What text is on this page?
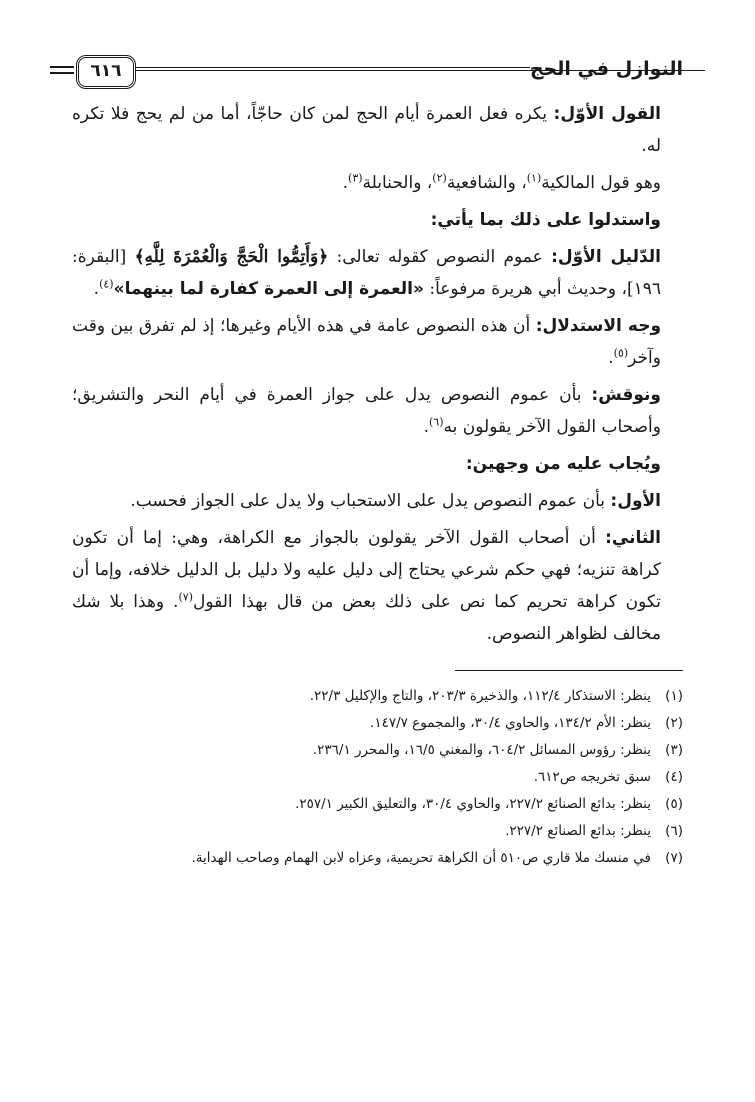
النوازل في الحج
٦١٦

القول الأوّل: يكره فعل العمرة أيام الحج لمن كان حاجّاً، أما من لم يحج فلا تكره له.

وهو قول المالكية$^{(١)}$، والشافعية$^{(٢)}$، والحنابلة$^{(٣)}$.

واستدلوا على ذلك بما يأتي:

الدّليل الأوّل: عموم النصوص كقوله تعالى: ﴿وَأَتِمُّوا الْحَجَّ وَالْعُمْرَةَ لِلَّهِ﴾ [البقرة: ١٩٦]، وحديث أبي هريرة مرفوعاً: «العمرة إلى العمرة كفارة لما بينهما»$^{(٤)}$.

وجه الاستدلال: أن هذه النصوص عامة في هذه الأيام وغيرها؛ إذ لم تفرق بين وقت وآخر$^{(٥)}$.

ونوقش: بأن عموم النصوص يدل على جواز العمرة في أيام النحر والتشريق؛ وأصحاب القول الآخر يقولون به$^{(٦)}$.

ويُجاب عليه من وجهين:

الأول: بأن عموم النصوص يدل على الاستحباب ولا يدل على الجواز فحسب.

الثاني: أن أصحاب القول الآخر يقولون بالجواز مع الكراهة، وهي: إما أن تكون كراهة تنزيه؛ فهي حكم شرعي يحتاج إلى دليل عليه ولا دليل بل الدليل خلافه، وإما أن تكون كراهة تحريم كما نص على ذلك بعض من قال بهذا القول$^{(٧)}$. وهذا بلا شك مخالف لظواهر النصوص.

(١)
ينظر: الاستذكار ١١٢/٤، والذخيرة ٢٠٣/٣، والتاج والإكليل ٢٢/٣.
(٢)
ينظر: الأم ١٣٤/٢، والحاوي ٣٠/٤، والمجموع ١٤٧/٧.
(٣)
ينظر: رؤوس المسائل ٦٠٤/٢، والمغني ١٦/٥، والمحرر ٢٣٦/١.
(٤)
سبق تخريجه ص٦١٢.
(٥)
ينظر: بدائع الصنائع ٢٢٧/٢، والحاوي ٣٠/٤، والتعليق الكبير ٢٥٧/١.
(٦)
ينظر: بدائع الصنائع ٢٢٧/٢.
(٧)
في منسك ملا قاري ص٥١٠ أن الكراهة تحريمية، وعزاه لابن الهمام وصاحب الهداية.
